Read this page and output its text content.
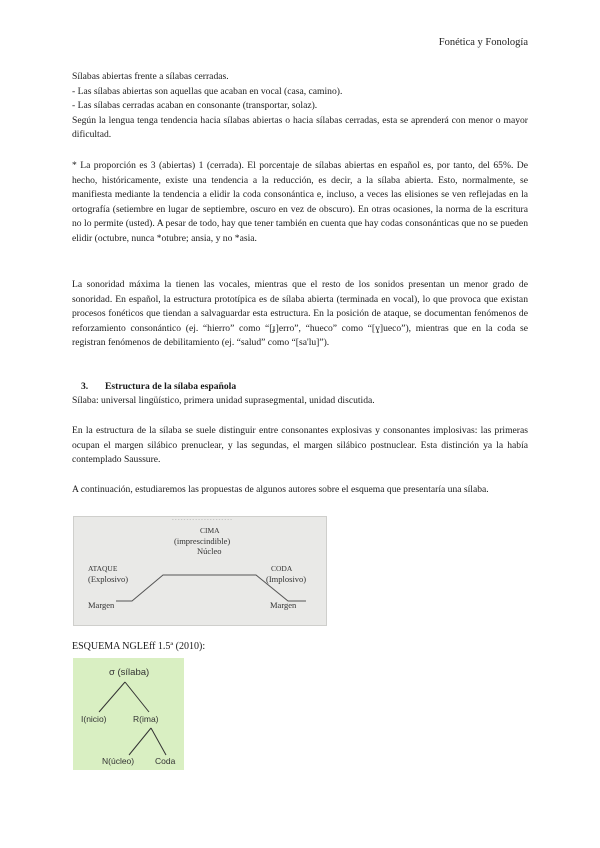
Fonética y Fonología
Sílabas abiertas frente a sílabas cerradas.
- Las sílabas abiertas son aquellas que acaban en vocal (casa, camino).
- Las sílabas cerradas acaban en consonante (transportar, solaz).

Según la lengua tenga tendencia hacia sílabas abiertas o hacia sílabas cerradas, esta se aprenderá con menor o mayor dificultad.

* La proporción es 3 (abiertas) 1 (cerrada). El porcentaje de sílabas abiertas en español es, por tanto, del 65%. De hecho, históricamente, existe una tendencia a la reducción, es decir, a la sílaba abierta. Esto, normalmente, se manifiesta mediante la tendencia a elidir la coda consonántica e, incluso, a veces las elisiones se ven reflejadas en la ortografía (setiembre en lugar de septiembre, oscuro en vez de obscuro). En otras ocasiones, la norma de la escritura no lo permite (usted). A pesar de todo, hay que tener también en cuenta que hay codas consonánticas que no se pueden elidir (octubre, nunca *otubre; ansia, y no *asia.

La sonoridad máxima la tienen las vocales, mientras que el resto de los sonidos presentan un menor grado de sonoridad. En español, la estructura prototípica es de sílaba abierta (terminada en vocal), lo que provoca que existan procesos fonéticos que tiendan a salvaguardar esta estructura. En la posición de ataque, se documentan fenómenos de reforzamiento consonántico (ej. “hierro” como “[ɟ]erro”, “hueco” como “[ɣ]ueco”), mientras que en la coda se registran fenómenos de debilitamiento (ej. “salud” como “[sa'lu]”).

3. Estructura de la sílaba española

Sílaba: universal lingüístico, primera unidad suprasegmental, unidad discutida.

En la estructura de la sílaba se suele distinguir entre consonantes explosivas y consonantes implosivas: las primeras ocupan el margen silábico prenuclear, y las segundas, el margen silábico postnuclear. Esta distinción ya la había contemplado Saussure.

A continuación, estudiaremos las propuestas de algunos autores sobre el esquema que presentaría una sílaba.

- - - - - - - - - - - - - - - - - - - - -
CIMA
(imprescindible)
Núcleo
ATAQUE
(Explosivo)
Margen
CODA
(Implosivo)
Margen
ESQUEMA NGLEff 1.5ª (2010):
σ (sílaba)
I(nicio)	R(ima)
N(úcleo) Coda
